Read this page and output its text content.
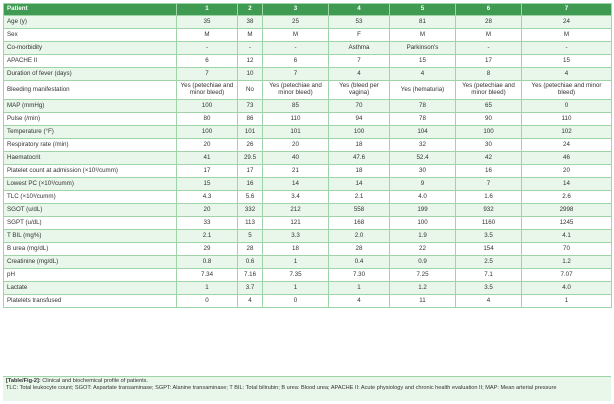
Patient	1	2	3	4	5	6	7
Age (y)	35	38	25	53	81	28	24
Sex	M	M	M	F	M	M	M
Co-morbidity	-	-	-	Asthma	Parkinson's	-	-
APACHE II	6	12	6	7	15	17	15
Duration of fever (days)	7	10	7	4	4	8	4
Bleeding manifestation	Yes (petechiae and minor bleed)	No	Yes (petechiae and minor bleed)	Yes (bleed per vagina)	Yes (hematuria)	Yes (petechiae and minor bleed)	Yes (petechiae and minor bleed)
MAP (mmHg)	100	73	85	70	78	65	0
Pulse (/min)	80	86	110	94	78	90	110
Temperature (°F)	100	101	101	100	104	100	102
Respiratory rate (/min)	20	26	20	18	32	30	24
Haematocrit	41	29.5	40	47.6	52.4	42	46
Platelet count at admission (×10³/cumm)	17	17	21	18	30	16	20
Lowest PC (×10³/cumm)	15	16	14	14	9	7	14
TLC (×10³/cumm)	4.3	5.6	3.4	2.1	4.0	1.6	2.6
SGOT (u/dL)	20	332	212	558	199	932	2998
SGPT (u/dL)	33	113	121	168	100	1160	1245
T BIL (mg%)	2.1	5	3.3	2.0	1.9	3.5	4.1
B urea (mg/dL)	29	28	18	28	22	154	70
Creatinine (mg/dL)	0.8	0.6	1	0.4	0.9	2.5	1.2
pH	7.34	7.16	7.35	7.30	7.25	7.1	7.07
Lactate	1	3.7	1	1	1.2	3.5	4.0
Platelets transfused	0	4	0	4	11	4	1
[Table/Fig-2]: Clinical and biochemical profile of patients.
TLC: Total leukocyte count; SGOT: Aspartate transaminase; SGPT: Alanine transaminase; T BIL: Total bilirubin; B urea: Blood urea; APACHE II: Acute physiology and chronic health evaluation II; MAP: Mean arterial pressure
